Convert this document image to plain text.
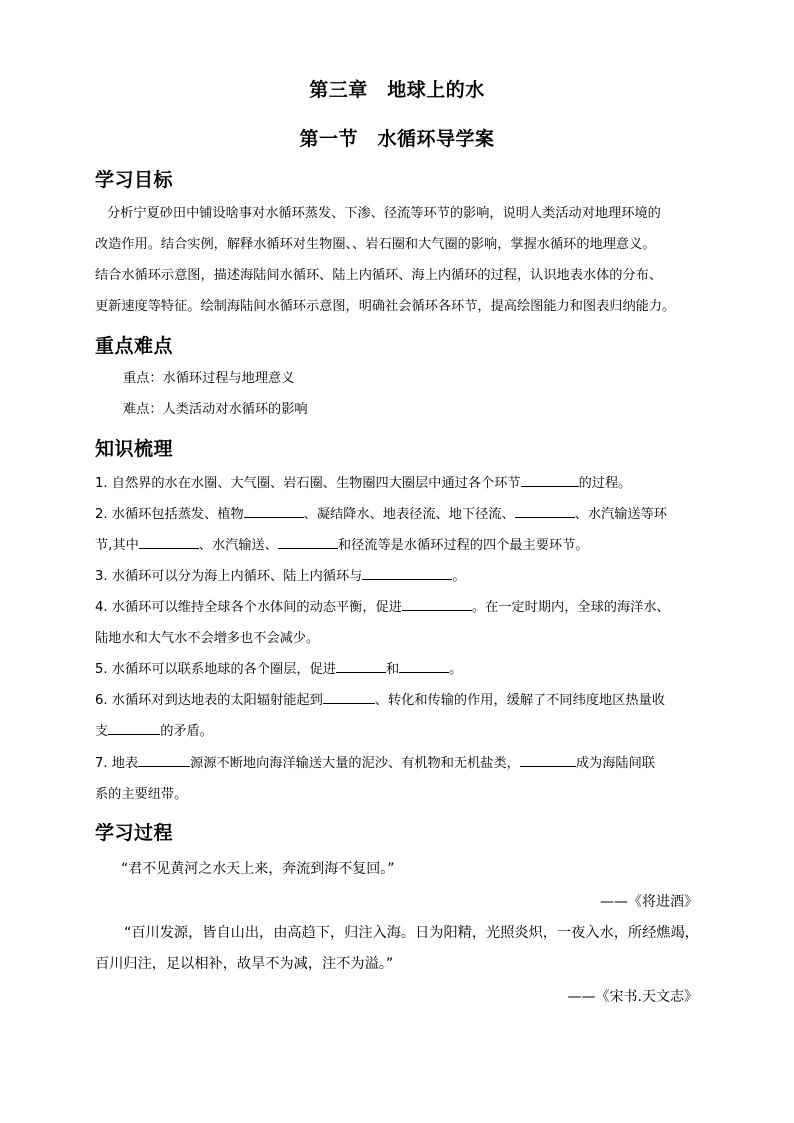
第三章　地球上的水
第一节　水循环导学案
学习目标
分析宁夏砂田中铺设啥事对水循环蒸发、下渗、径流等环节的影响，说明人类活动对地理环境的
改造作用。结合实例，解释水循环对生物圈、、岩石圈和大气圈的影响，掌握水循环的地理意义。
结合水循环示意图，描述海陆间水循环、陆上内循环、海上内循环的过程，认识地表水体的分布、
更新速度等特征。绘制海陆间水循环示意图，明确社会循环各环节，提高绘图能力和图表归纳能力。
重点难点
重点：水循环过程与地理意义
难点：人类活动对水循环的影响
知识梳理
1. 自然界的水在水圈、大气圈、岩石圈、生物圈四大圈层中通过各个环节	的过程。
2. 水循环包括蒸发、植物	、凝结降水、地表径流、地下径流、	、水汽输送等环
节,其中	、水汽输送、	和径流等是水循环过程的四个最主要环节。
3. 水循环可以分为海上内循环、陆上内循环与	。
4. 水循环可以维持全球各个水体间的动态平衡，促进	。在一定时期内，全球的海洋水、
陆地水和大气水不会增多也不会减少。
5. 水循环可以联系地球的各个圈层，促进	和	。
6. 水循环对到达地表的太阳辐射能起到	、转化和传输的作用，缓解了不同纬度地区热量收
支	的矛盾。
7. 地表	源源不断地向海洋输送大量的泥沙、有机物和无机盐类，	成为海陆间联
系的主要纽带。
学习过程
“君不见黄河之水天上来，奔流到海不复回。”
——《将进酒》
“百川发源，皆自山出，由高趋下，归注入海。日为阳精，光照炎炽，一夜入水，所经燋竭，
百川归注，足以相补，故旱不为减，注不为溢。”
——《宋书.天文志》
